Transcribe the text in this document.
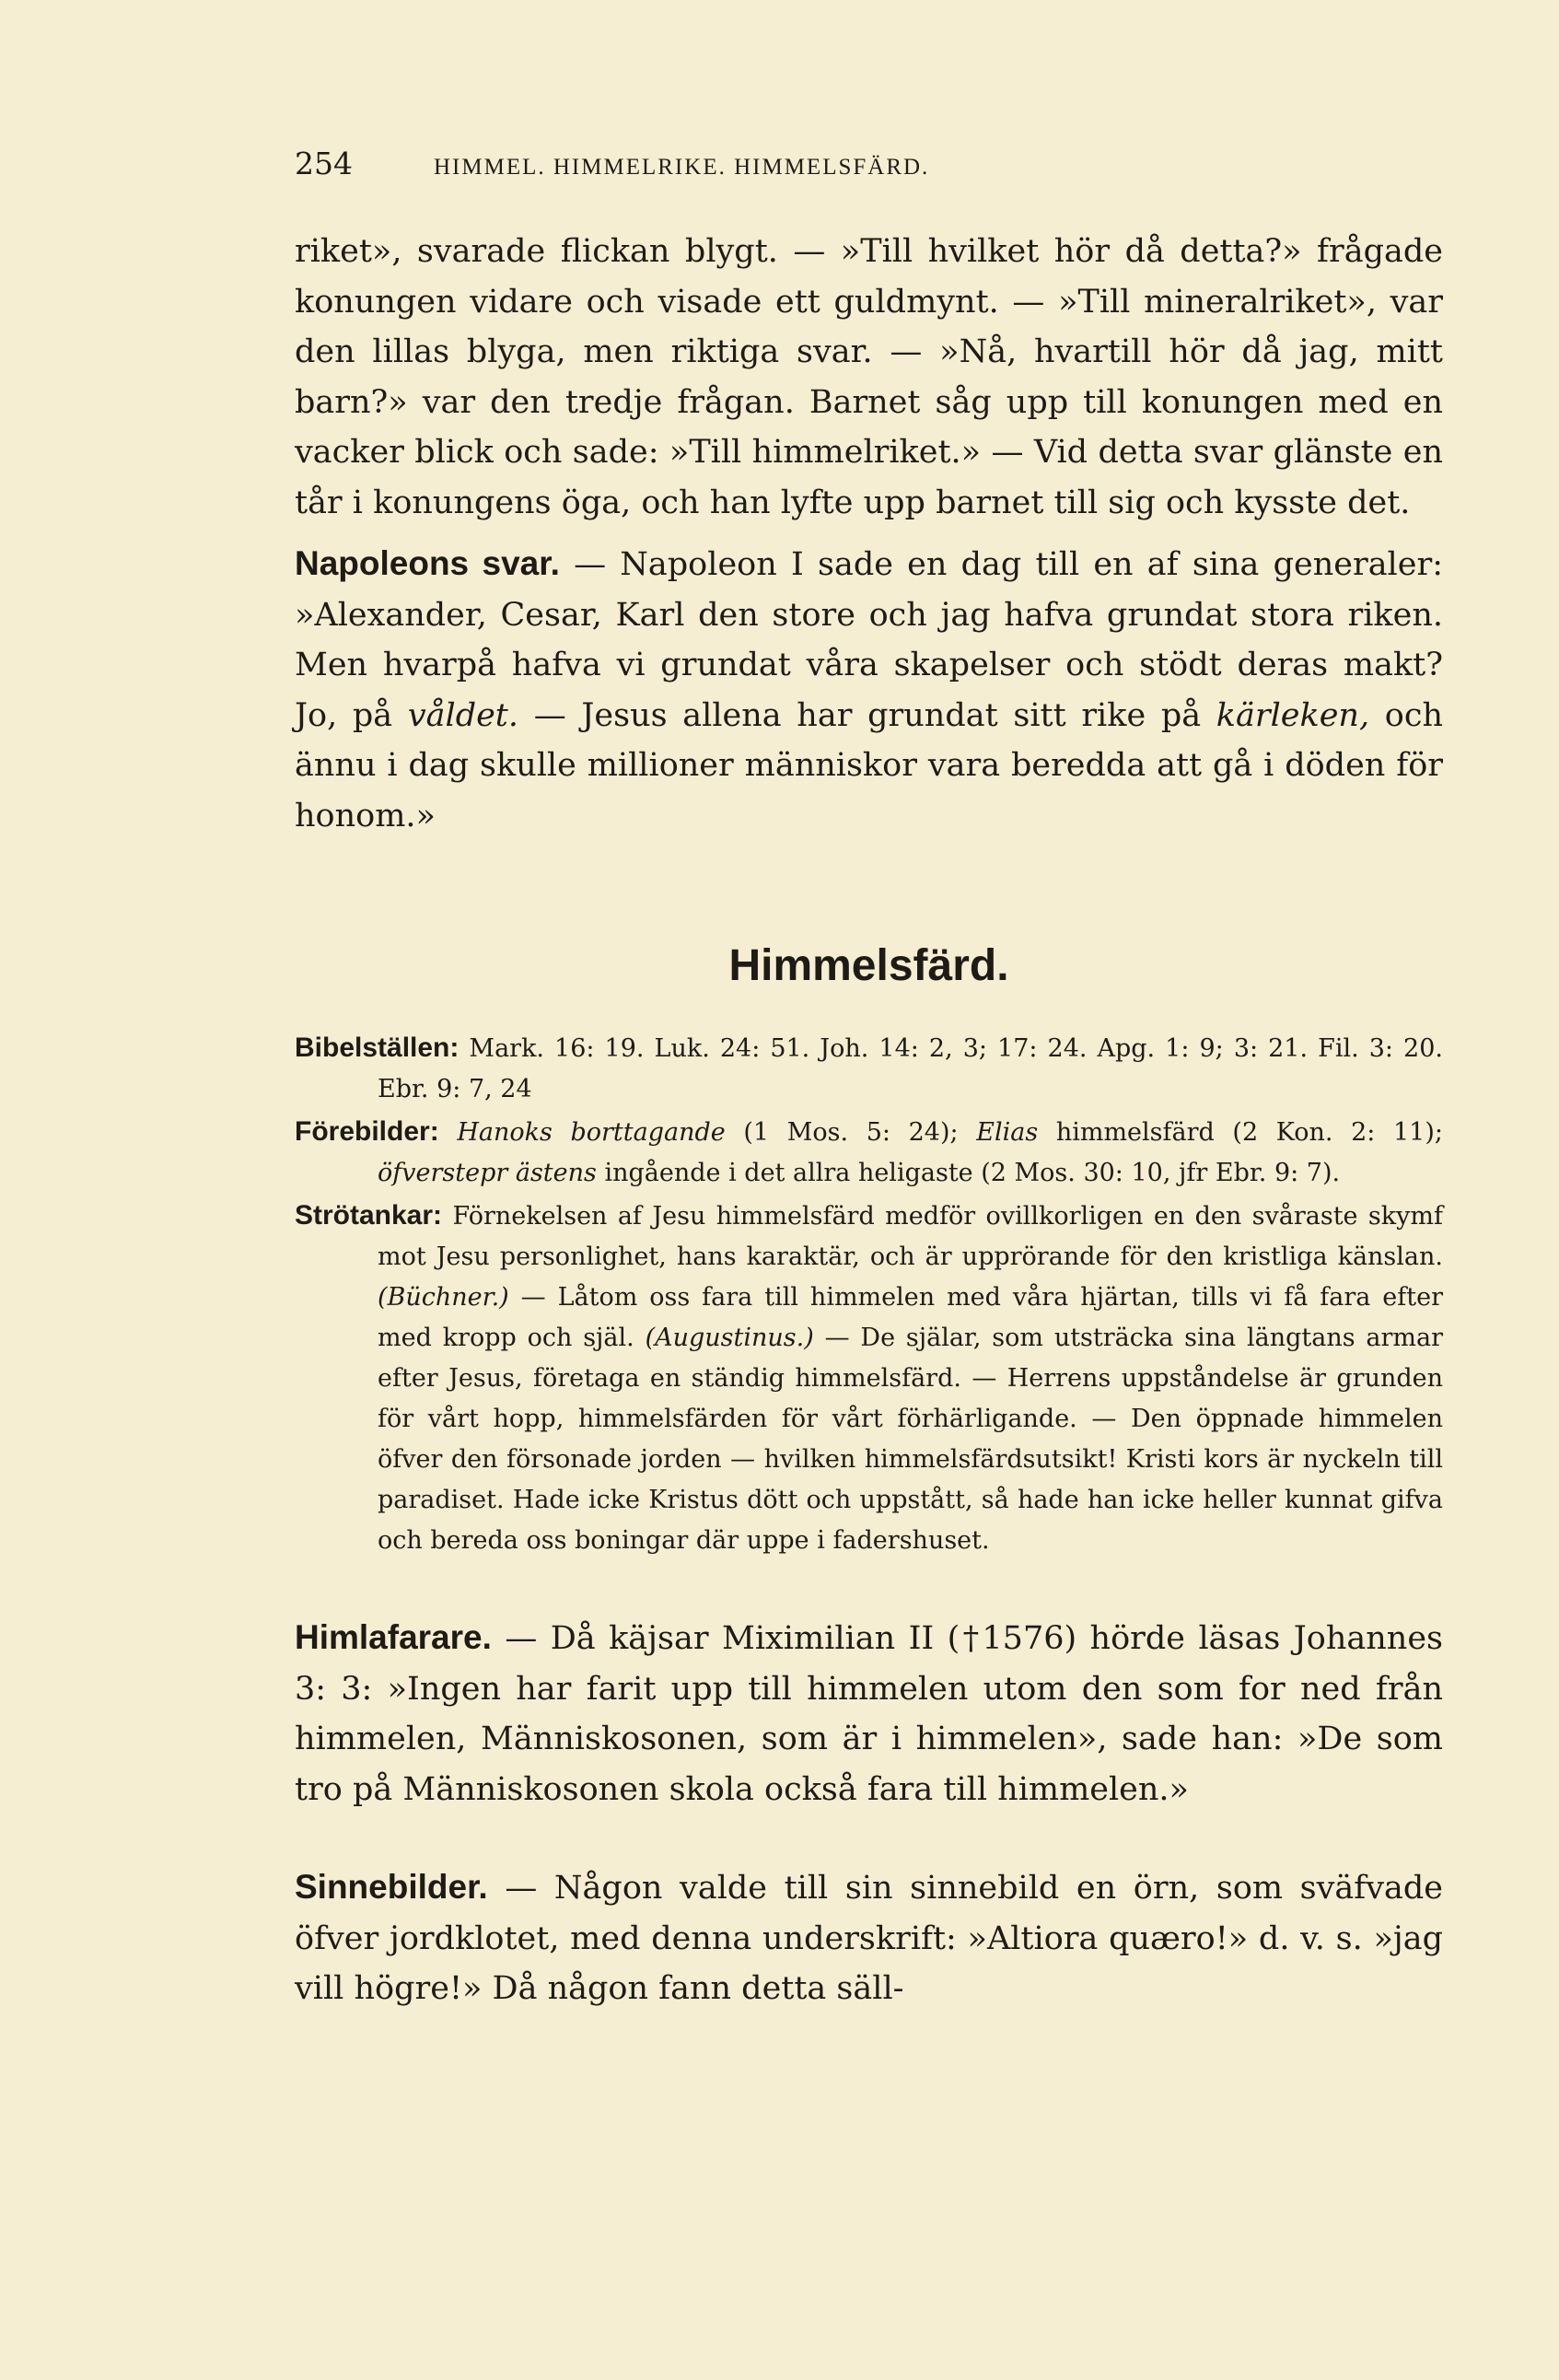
254	HIMMEL. HIMMELRIKE. HIMMELSFÄRD.

riket», svarade flickan blygt. — »Till hvilket hör då detta?» frågade konungen vidare och visade ett guldmynt. — »Till mineralriket», var den lillas blyga, men riktiga svar. — »Nå, hvartill hör då jag, mitt barn?» var den tredje frågan. Barnet såg upp till konungen med en vacker blick och sade: »Till himmelriket.» — Vid detta svar glänste en tår i konungens öga, och han lyfte upp barnet till sig och kysste det.

Napoleons svar. — Napoleon I sade en dag till en af sina generaler: »Alexander, Cesar, Karl den store och jag hafva grundat stora riken. Men hvarpå hafva vi grundat våra skapelser och stödt deras makt? Jo, på våldet. — Jesus allena har grundat sitt rike på kärleken, och ännu i dag skulle millioner människor vara beredda att gå i döden för honom.»

Himmelsfärd.

Bibelställen: Mark. 16: 19. Luk. 24: 51. Joh. 14: 2, 3; 17: 24. Apg. 1: 9; 3: 21. Fil. 3: 20. Ebr. 9: 7, 24

Förebilder: Hanoks borttagande (1 Mos. 5: 24); Elias himmelsfärd (2 Kon. 2: 11); öfverstepr ästens ingående i det allra heligaste (2 Mos. 30: 10, jfr Ebr. 9: 7).

Strötankar: Förnekelsen af Jesu himmelsfärd medför ovillkorligen en den svåraste skymf mot Jesu personlighet, hans karaktär, och är upprörande för den kristliga känslan. (Büchner.) — Låtom oss fara till himmelen med våra hjärtan, tills vi få fara efter med kropp och själ. (Augustinus.) — De själar, som utsträcka sina längtans armar efter Jesus, företaga en ständig himmelsfärd. — Herrens uppståndelse är grunden för vårt hopp, himmelsfärden för vårt förhärligande. — Den öppnade himmelen öfver den försonade jorden — hvilken himmelsfärdsutsikt! Kristi kors är nyckeln till paradiset. Hade icke Kristus dött och uppstått, så hade han icke heller kunnat gifva och bereda oss boningar där uppe i fadershuset.

Himlafarare. — Då käjsar Miximilian II (†1576) hörde läsas Johannes 3: 3: »Ingen har farit upp till himmelen utom den som for ned från himmelen, Människosonen, som är i himmelen», sade han: »De som tro på Människosonen skola också fara till himmelen.»

Sinnebilder. — Någon valde till sin sinnebild en örn, som sväfvade öfver jordklotet, med denna underskrift: »Altiora quæro!» d. v. s. »jag vill högre!» Då någon fann detta säll-
